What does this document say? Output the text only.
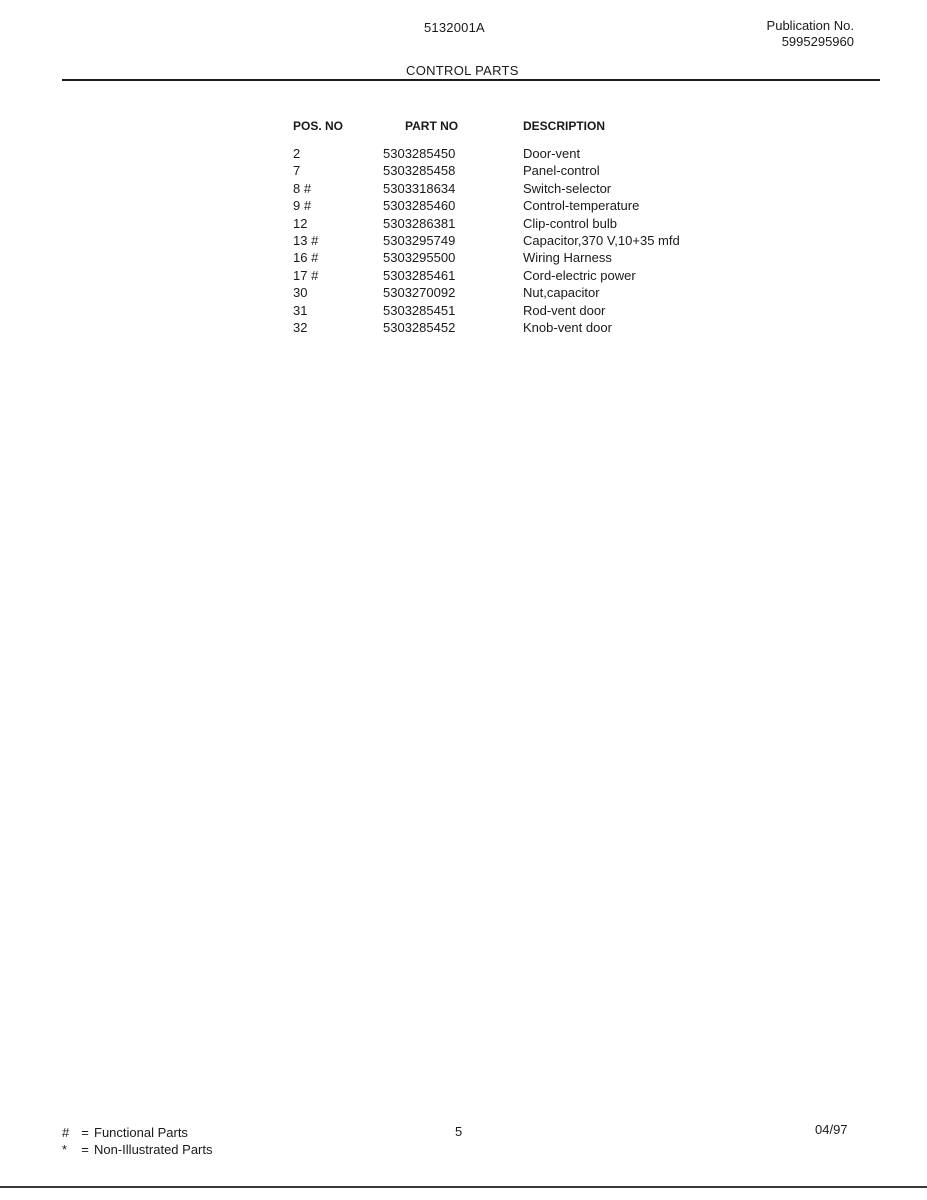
5132001A	Publication No.
5995295960
CONTROL PARTS
POS. NO	PART NO	DESCRIPTION
2	5303285450	Door-vent
7	5303285458	Panel-control
8 #	5303318634	Switch-selector
9 #	5303285460	Control-temperature
12	5303286381	Clip-control bulb
13 #	5303295749	Capacitor,370 V,10+35 mfd
16 #	5303295500	Wiring Harness
17 #	5303285461	Cord-electric power
30	5303270092	Nut,capacitor
31	5303285451	Rod-vent door
32	5303285452	Knob-vent door
# = Functional Parts
*	= Non-Illustrated Parts
5	04/97
